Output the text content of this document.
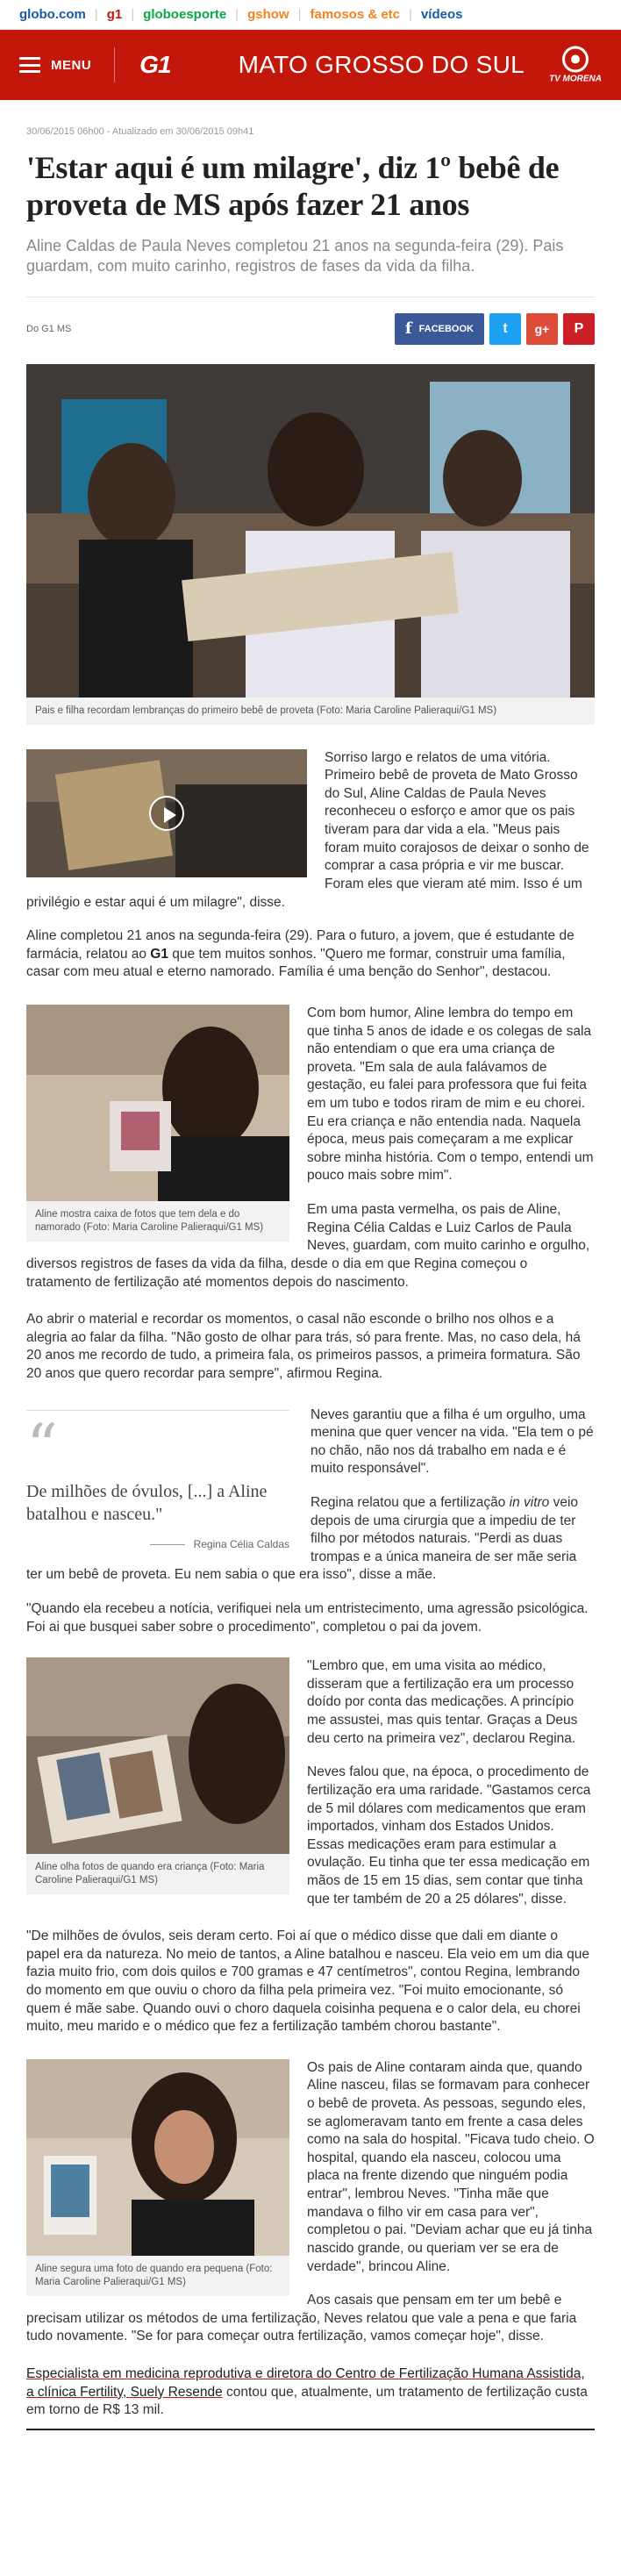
globo.com | g1 | globoesporte | gshow | famosos & etc | vídeos
MENU G1	MATO GROSSO DO SUL
TV MORENA
30/06/2015 06h00 - Atualizado em 30/06/2015 09h41
'Estar aqui é um milagre', diz 1º bebê de proveta de MS após fazer 21 anos

Aline Caldas de Paula Neves completou 21 anos na segunda-feira (29). Pais guardam, com muito carinho, registros de fases da vida da filha.

Do G1 MS	f FACEBOOK	t	g+	P
Pais e filha recordam lembranças do primeiro bebê de proveta (Foto: Maria Caroline Palieraqui/G1 MS)

Sorriso largo e relatos de uma vitória. Primeiro bebê de proveta de Mato Grosso do Sul, Aline Caldas de Paula Neves reconheceu o esforço e amor que os pais tiveram para dar vida a ela. "Meus pais foram muito corajosos de deixar o sonho de comprar a casa própria e vir me buscar. Foram eles que vieram até mim. Isso é um privilégio e estar aqui é um milagre", disse.

Aline completou 21 anos na segunda-feira (29). Para o futuro, a jovem, que é estudante de farmácia, relatou ao G1 que tem muitos sonhos. "Quero me formar, construir uma família, casar com meu atual e eterno namorado. Família é uma benção do Senhor", destacou.

Aline mostra caixa de fotos que tem dela e do namorado (Foto: Maria Caroline Palieraqui/G1 MS)

Com bom humor, Aline lembra do tempo em que tinha 5 anos de idade e os colegas de sala não entendiam o que era uma criança de proveta. "Em sala de aula falávamos de gestação, eu falei para professora que fui feita em um tubo e todos riram de mim e eu chorei. Eu era criança e não entendia nada. Naquela época, meus pais começaram a me explicar sobre minha história. Com o tempo, entendi um pouco mais sobre mim".

Em uma pasta vermelha, os pais de Aline, Regina Célia Caldas e Luiz Carlos de Paula Neves, guardam, com muito carinho e orgulho, diversos registros de fases da vida da filha, desde o dia em que Regina começou o tratamento de fertilização até momentos depois do nascimento.

Ao abrir o material e recordar os momentos, o casal não esconde o brilho nos olhos e a alegria ao falar da filha. "Não gosto de olhar para trás, só para frente. Mas, no caso dela, há 20 anos me recordo de tudo, a primeira fala, os primeiros passos, a primeira formatura. São 20 anos que quero recordar para sempre", afirmou Regina.

“
De milhões de óvulos, [...] a Aline batalhou e nasceu."
Regina Célia Caldas

Neves garantiu que a filha é um orgulho, uma menina que quer vencer na vida. "Ela tem o pé no chão, não nos dá trabalho em nada e é muito responsável".

Regina relatou que a fertilização in vitro veio depois de uma cirurgia que a impediu de ter filho por métodos naturais. "Perdi as duas trompas e a única maneira de ser mãe seria ter um bebê de proveta. Eu nem sabia o que era isso", disse a mãe.

"Quando ela recebeu a notícia, verifiquei nela um entristecimento, uma agressão psicológica. Foi ai que busquei saber sobre o procedimento", completou o pai da jovem.

Aline olha fotos de quando era criança (Foto: Maria Caroline Palieraqui/G1 MS)

"Lembro que, em uma visita ao médico, disseram que a fertilização era um processo doído por conta das medicações. A princípio me assustei, mas quis tentar. Graças a Deus deu certo na primeira vez", declarou Regina.

Neves falou que, na época, o procedimento de fertilização era uma raridade. "Gastamos cerca de 5 mil dólares com medicamentos que eram importados, vinham dos Estados Unidos. Essas medicações eram para estimular a ovulação. Eu tinha que ter essa medicação em mãos de 15 em 15 dias, sem contar que tinha que ter também de 20 a 25 dólares", disse.

"De milhões de óvulos, seis deram certo. Foi aí que o médico disse que dali em diante o papel era da natureza. No meio de tantos, a Aline batalhou e nasceu. Ela veio em um dia que fazia muito frio, com dois quilos e 700 gramas e 47 centímetros", contou Regina, lembrando do momento em que ouviu o choro da filha pela primeira vez. "Foi muito emocionante, só quem é mãe sabe. Quando ouvi o choro daquela coisinha pequena e o calor dela, eu chorei muito, meu marido e o médico que fez a fertilização também chorou bastante".

Aline segura uma foto de quando era pequena (Foto: Maria Caroline Palieraqui/G1 MS)

Os pais de Aline contaram ainda que, quando Aline nasceu, filas se formavam para conhecer o bebê de proveta. As pessoas, segundo eles, se aglomeravam tanto em frente a casa deles como na sala do hospital. "Ficava tudo cheio. O hospital, quando ela nasceu, colocou uma placa na frente dizendo que ninguém podia entrar", lembrou Neves. "Tinha mãe que mandava o filho vir em casa para ver", completou o pai. "Deviam achar que eu já tinha nascido grande, ou queriam ver se era de verdade", brincou Aline.

Aos casais que pensam em ter um bebê e precisam utilizar os métodos de uma fertilização, Neves relatou que vale a pena e que faria tudo novamente. "Se for para começar outra fertilização, vamos começar hoje", disse.

Especialista em medicina reprodutiva e diretora do Centro de Fertilização Humana Assistida, a clínica Fertility, Suely Resende contou que, atualmente, um tratamento de fertilização custa em torno de R$ 13 mil.
